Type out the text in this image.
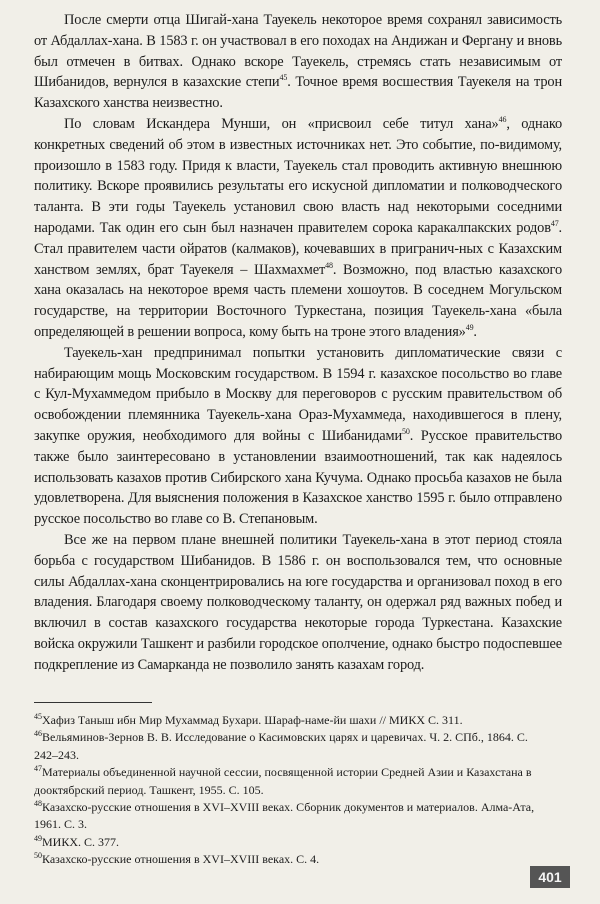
После смерти отца Шигай-хана Тауекель некоторое время сохранял зависимость от Абдаллах-хана. В 1583 г. он участвовал в его походах на Андижан и Фергану и вновь был отмечен в битвах. Однако вскоре Тауекель, стремясь стать независимым от Шибанидов, вернулся в казахские степи$^{45}$. Точное время восшествия Тауекеля на трон Казахского ханства неизвестно.

По словам Искандера Мунши, он «присвоил себе титул хана»$^{46}$, однако конкретных сведений об этом в известных источниках нет. Это событие, по-видимому, произошло в 1583 году. Придя к власти, Тауекель стал проводить активную внешнюю политику. Вскоре проявились результаты его искусной дипломатии и полководческого таланта. В эти годы Тауекель установил свою власть над некоторыми соседними народами. Так один его сын был назначен правителем сорока каракалпакских родов$^{47}$. Стал правителем части ойратов (калмаков), кочевавших в пригранич-ных с Казахским ханством землях, брат Тауекеля – Шахмахмет$^{48}$. Возможно, под властью казахского хана оказалась на некоторое время часть племени хошоутов. В соседнем Могульском государстве, на территории Восточного Туркестана, позиция Тауекель-хана «была определяющей в решении вопроса, кому быть на троне этого владения»$^{49}$.

Тауекель-хан предпринимал попытки установить дипломатические связи с набирающим мощь Московским государством. В 1594 г. казахское посольство во главе с Кул-Мухаммедом прибыло в Москву для переговоров с русским правительством об освобождении племянника Тауекель-хана Ораз-Мухаммеда, находившегося в плену, закупке оружия, необходимого для войны с Шибанидами$^{50}$. Русское правительство также было заинтересовано в установлении взаимоотношений, так как надеялось использовать казахов против Сибирского хана Кучума. Однако просьба казахов не была удовлетворена. Для выяснения положения в Казахское ханство 1595 г. было отправлено русское посольство во главе со В. Степановым.

Все же на первом плане внешней политики Тауекель-хана в этот период стояла борьба с государством Шибанидов. В 1586 г. он воспользовался тем, что основные силы Абдаллах-хана сконцентрировались на юге государства и организовал поход в его владения. Благодаря своему полководческому таланту, он одержал ряд важных побед и включил в состав казахского государства некоторые города Туркестана. Казахские войска окружили Ташкент и разбили городское ополчение, однако быстро подоспевшее подкрепление из Самарканда не позволило занять казахам город.

$^{45}$Хафиз Таныш ибн Мир Мухаммад Бухари. Шараф-наме-йи шахи // МИКХ С. 311.
$^{46}$Вельяминов-Зернов В. В. Исследование о Касимовских царях и царевичах. Ч. 2. СПб., 1864. С. 242–243.
$^{47}$Материалы объединенной научной сессии, посвященной истории Средней Азии и Казахстана в дооктябрский период. Ташкент, 1955. С. 105.
$^{48}$Казахско-русские отношения в XVI–XVIII веках. Сборник документов и материалов. Алма-Ата, 1961. С. 3.
$^{49}$МИКХ. С. 377.
$^{50}$Казахско-русские отношения в XVI–XVIII веках. С. 4.
401
